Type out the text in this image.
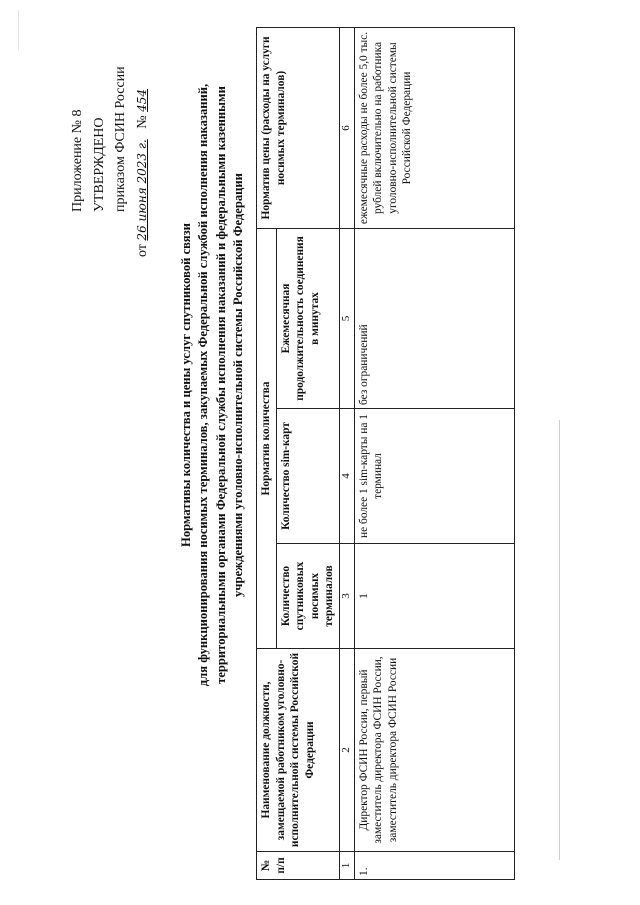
Приложение № 8 УТВЕРЖДЕНО приказом ФСИН России
от 26 июня 2023 г.   № 454
Нормативы количества и цены услуг спутниковой связи для функционирования носимых терминалов, закупаемых Федеральной службой исполнения наказаний, территориальными органами Федеральной службы исполнения наказаний и федеральными казенными учреждениями уголовно-исполнительной системы Российской Федерации
№ п/п	Наименование должности, замещаемой работником уголовно-исполнительной системы Российской Федерации	Норматив количества			Норматив цены (расходы на услуги носимых терминалов)
		Количество спутниковых носимых терминалов	Количество sim-карт	Ежемесячная продолжительность соединения в минутах	
1	2	3	4	5	6
1.	Директор ФСИН России, первый заместитель директора ФСИН России, заместитель директора ФСИН России	1	не более 1 sim-карты на 1 терминал	без ограничений	ежемесячные расходы не более 5,0 тыс. рублей включительно на работника уголовно-исполнительной системы Российской Федерации
